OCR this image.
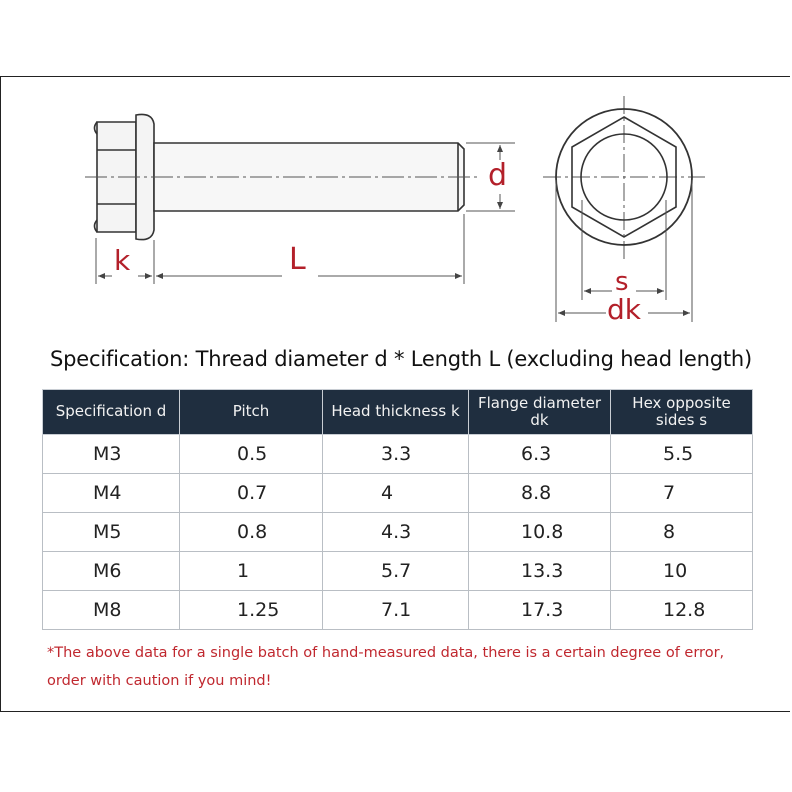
k	L
d
s
dk
Specification: Thread diameter d * Length L (excluding head length)
Specification d	Pitch	Head thickness k	Flange diameter dk	Hex opposite sides s
M3	0.5	3.3	6.3	5.5
M4	0.7	4	8.8	7
M5	0.8	4.3	10.8	8
M6	1	5.7	13.3	10
M8	1.25	7.1	17.3	12.8
*The above data for a single batch of hand-measured data, there is a certain degree of error,
order with caution if you mind!
